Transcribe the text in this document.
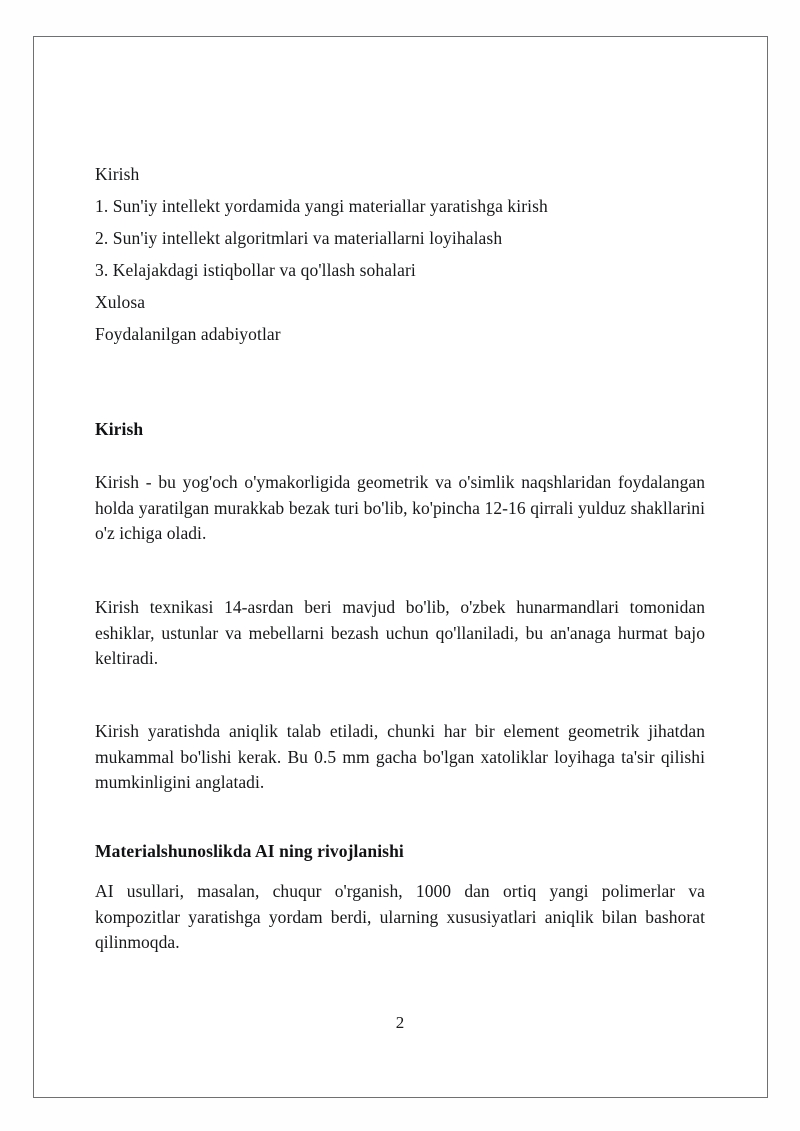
Kirish
1. Sun'iy intellekt yordamida yangi materiallar yaratishga kirish
2. Sun'iy intellekt algoritmlari va materiallarni loyihalash
3. Kelajakdagi istiqbollar va qo'llash sohalari
Xulosa
Foydalanilgan adabiyotlar
Kirish
Kirish - bu yog'och o'ymakorligida geometrik va o'simlik naqshlaridan foydalangan holda yaratilgan murakkab bezak turi bo'lib, ko'pincha 12-16 qirrali yulduz shakllarini o'z ichiga oladi.
Kirish texnikasi 14-asrdan beri mavjud bo'lib, o'zbek hunarmandlari tomonidan eshiklar, ustunlar va mebellarni bezash uchun qo'llaniladi, bu an'anaga hurmat bajo keltiradi.
Kirish yaratishda aniqlik talab etiladi, chunki har bir element geometrik jihatdan mukammal bo'lishi kerak. Bu 0.5 mm gacha bo'lgan xatoliklar loyihaga ta'sir qilishi mumkinligini anglatadi.
Materialshunoslikda AI ning rivojlanishi
AI usullari, masalan, chuqur o'rganish, 1000 dan ortiq yangi polimerlar va kompozitlar yaratishga yordam berdi, ularning xususiyatlari aniqlik bilan bashorat qilinmoqda.
2
